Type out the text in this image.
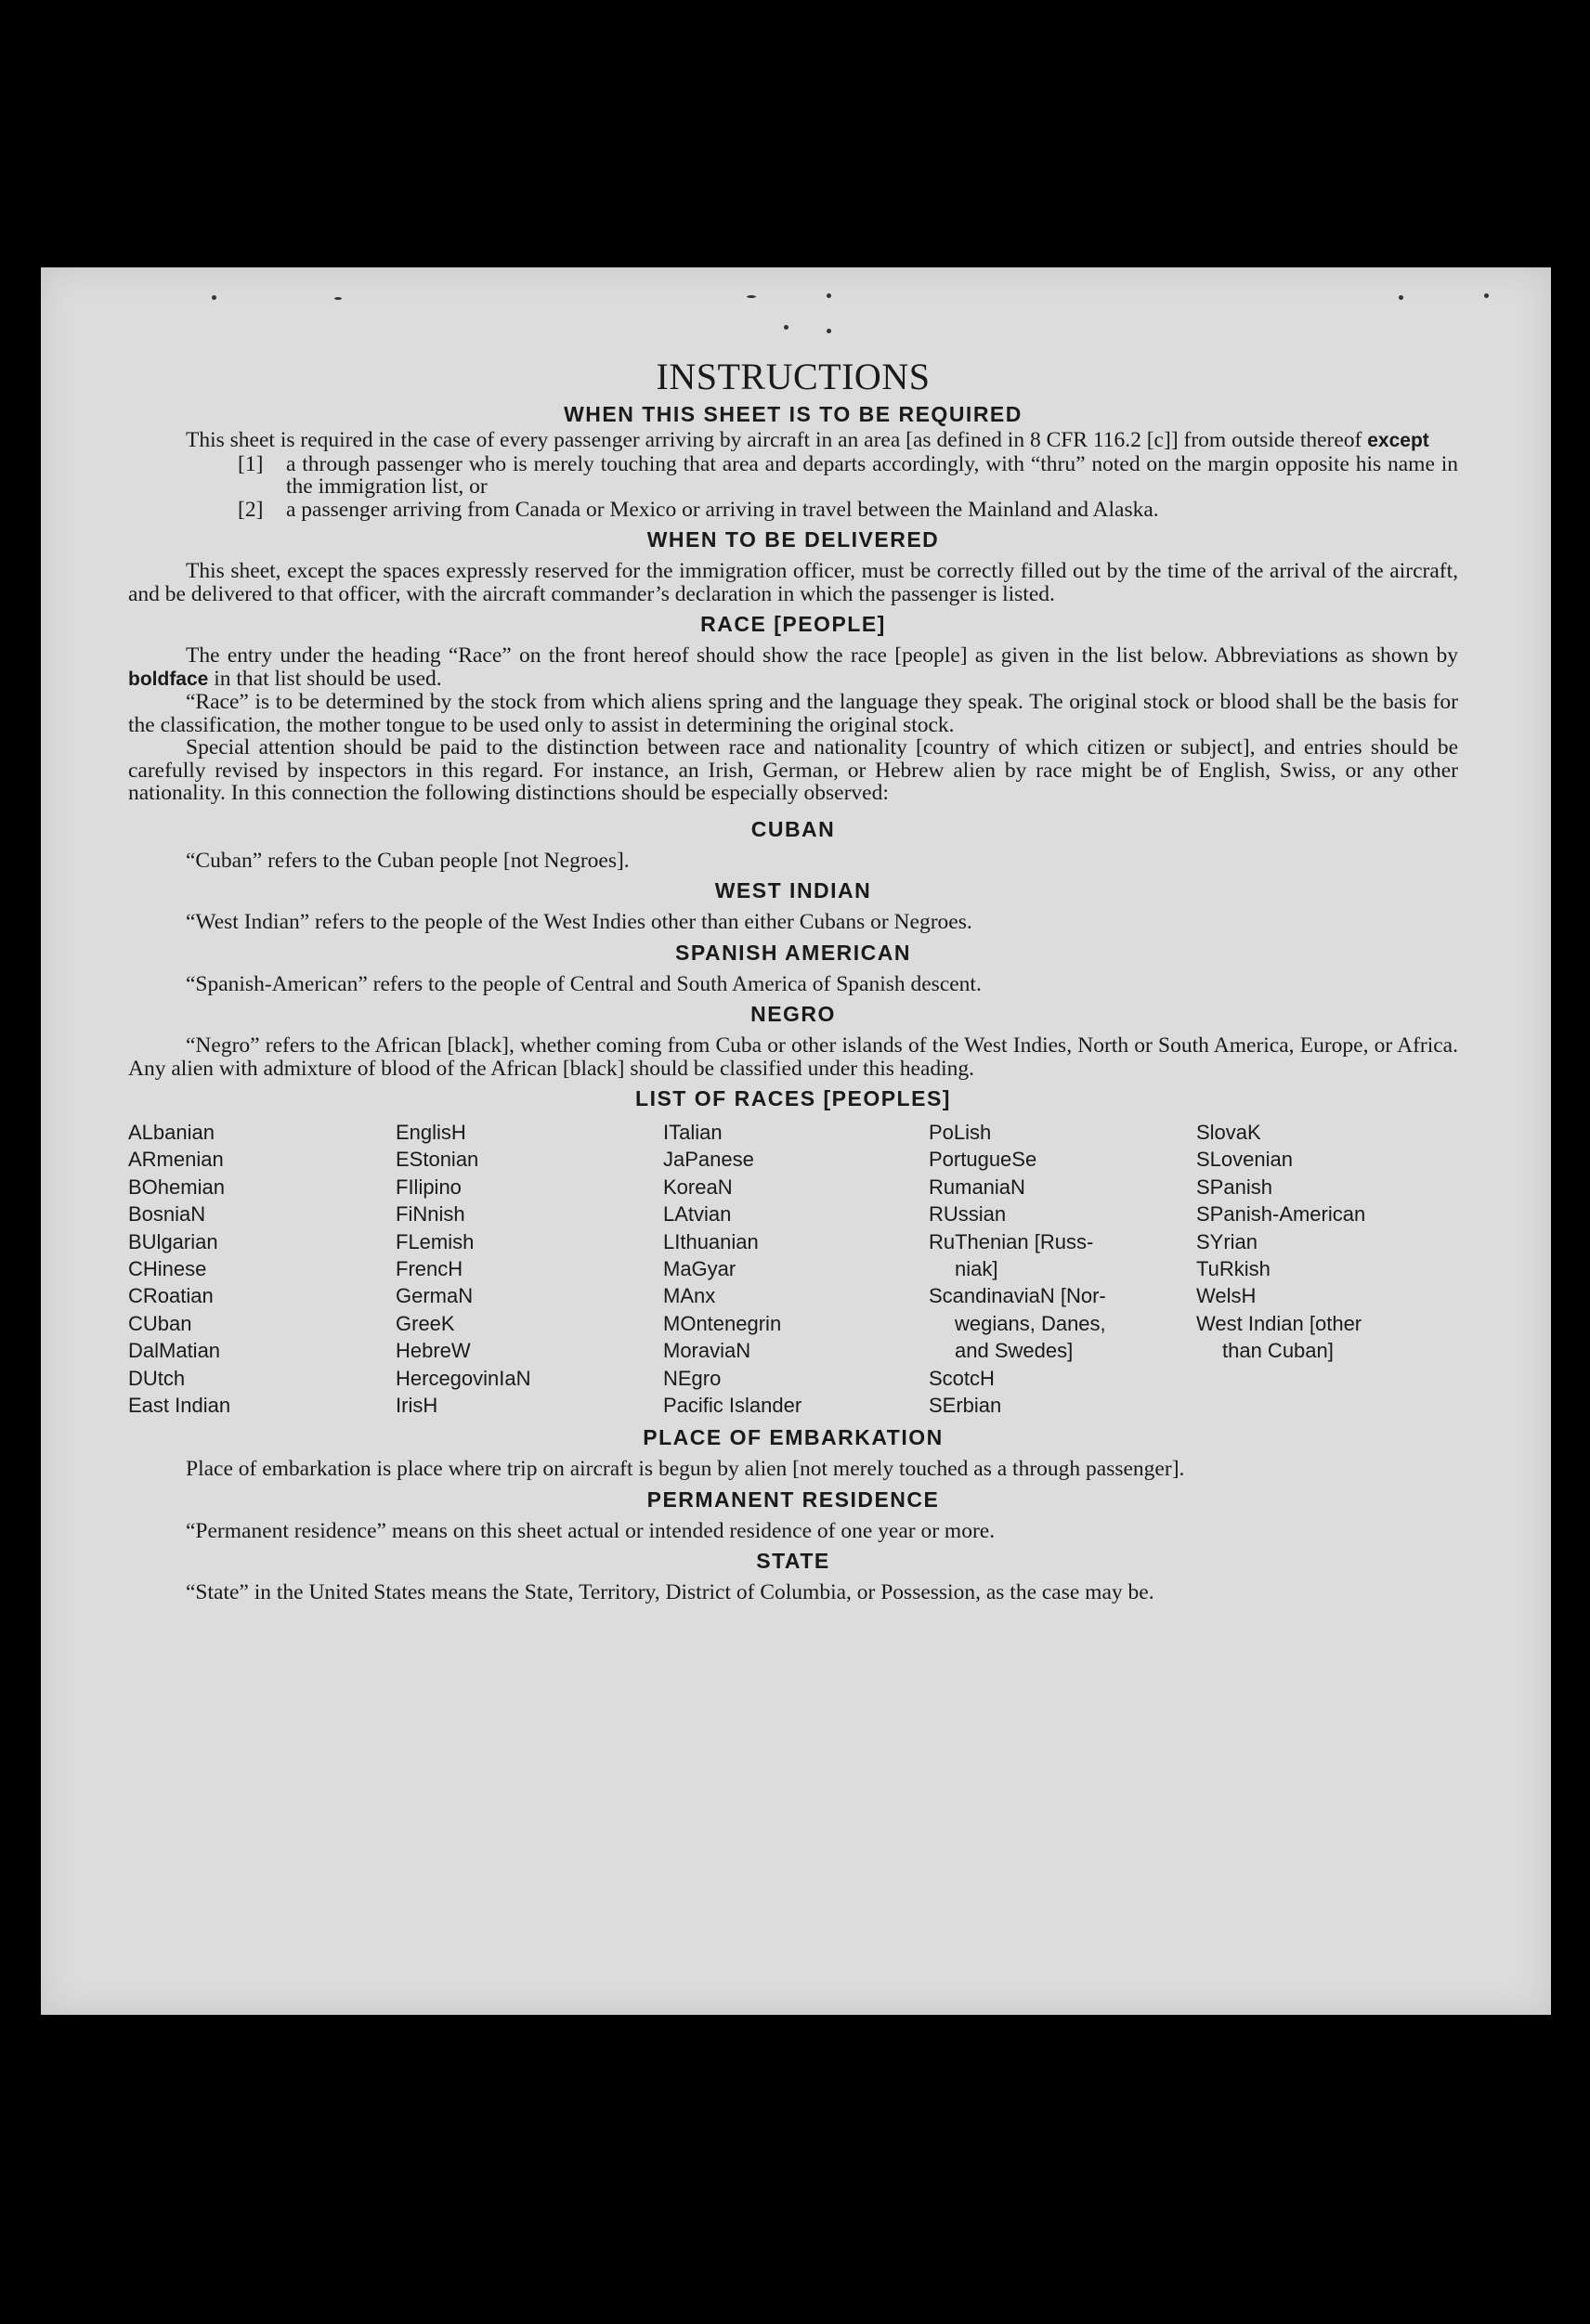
INSTRUCTIONS
WHEN THIS SHEET IS TO BE REQUIRED

This sheet is required in the case of every passenger arriving by aircraft in an area [as defined in 8 CFR 116.2 [c]] from outside thereof except

[1]	a through passenger who is merely touching that area and departs accordingly, with “thru” noted on the margin opposite his name in the immigration list, or
[2]	a passenger arriving from Canada or Mexico or arriving in travel between the Mainland and Alaska.
WHEN TO BE DELIVERED

This sheet, except the spaces expressly reserved for the immigration officer, must be correctly filled out by the time of the arrival of the aircraft, and be delivered to that officer, with the aircraft commander’s declaration in which the passenger is listed.

RACE [PEOPLE]

The entry under the heading “Race” on the front hereof should show the race [people] as given in the list below. Abbreviations as shown by boldface in that list should be used.

“Race” is to be determined by the stock from which aliens spring and the language they speak. The original stock or blood shall be the basis for the classification, the mother tongue to be used only to assist in determining the original stock.

Special attention should be paid to the distinction between race and nationality [country of which citizen or subject], and entries should be carefully revised by inspectors in this regard. For instance, an Irish, German, or Hebrew alien by race might be of English, Swiss, or any other nationality. In this connection the following distinctions should be especially observed:

CUBAN

“Cuban” refers to the Cuban people [not Negroes].

WEST INDIAN

“West Indian” refers to the people of the West Indies other than either Cubans or Negroes.

SPANISH AMERICAN

“Spanish-American” refers to the people of Central and South America of Spanish descent.

NEGRO

“Negro” refers to the African [black], whether coming from Cuba or other islands of the West Indies, North or South America, Europe, or Africa. Any alien with admixture of blood of the African [black] should be classified under this heading.

LIST OF RACES [PEOPLES]
ALbanian
ARmenian
BOhemian
BosniaN
BUlgarian
CHinese
CRoatian
CUban
DalMatian
DUtch
East Indian
EnglisH
EStonian
FIlipino
FiNnish
FLemish
FrencH
GermaN
GreeK
HebreW
HercegovinIaN
IrisH
ITalian
JaPanese
KoreaN
LAtvian
LIthuanian
MaGyar
MAnx
MOntenegrin
MoraviaN
NEgro
Pacific Islander
PoLish
PortugueSe
RumaniaN
RUssian
RuThenian [Russ-
niak]
ScandinaviaN [Nor-
wegians, Danes,
and Swedes]
ScotcH
SErbian
SlovaK
SLovenian
SPanish
SPanish-American
SYrian
TuRkish
WelsH
West Indian [other
than Cuban]
PLACE OF EMBARKATION

Place of embarkation is place where trip on aircraft is begun by alien [not merely touched as a through passenger].

PERMANENT RESIDENCE

“Permanent residence” means on this sheet actual or intended residence of one year or more.

STATE

“State” in the United States means the State, Territory, District of Columbia, or Possession, as the case may be.
